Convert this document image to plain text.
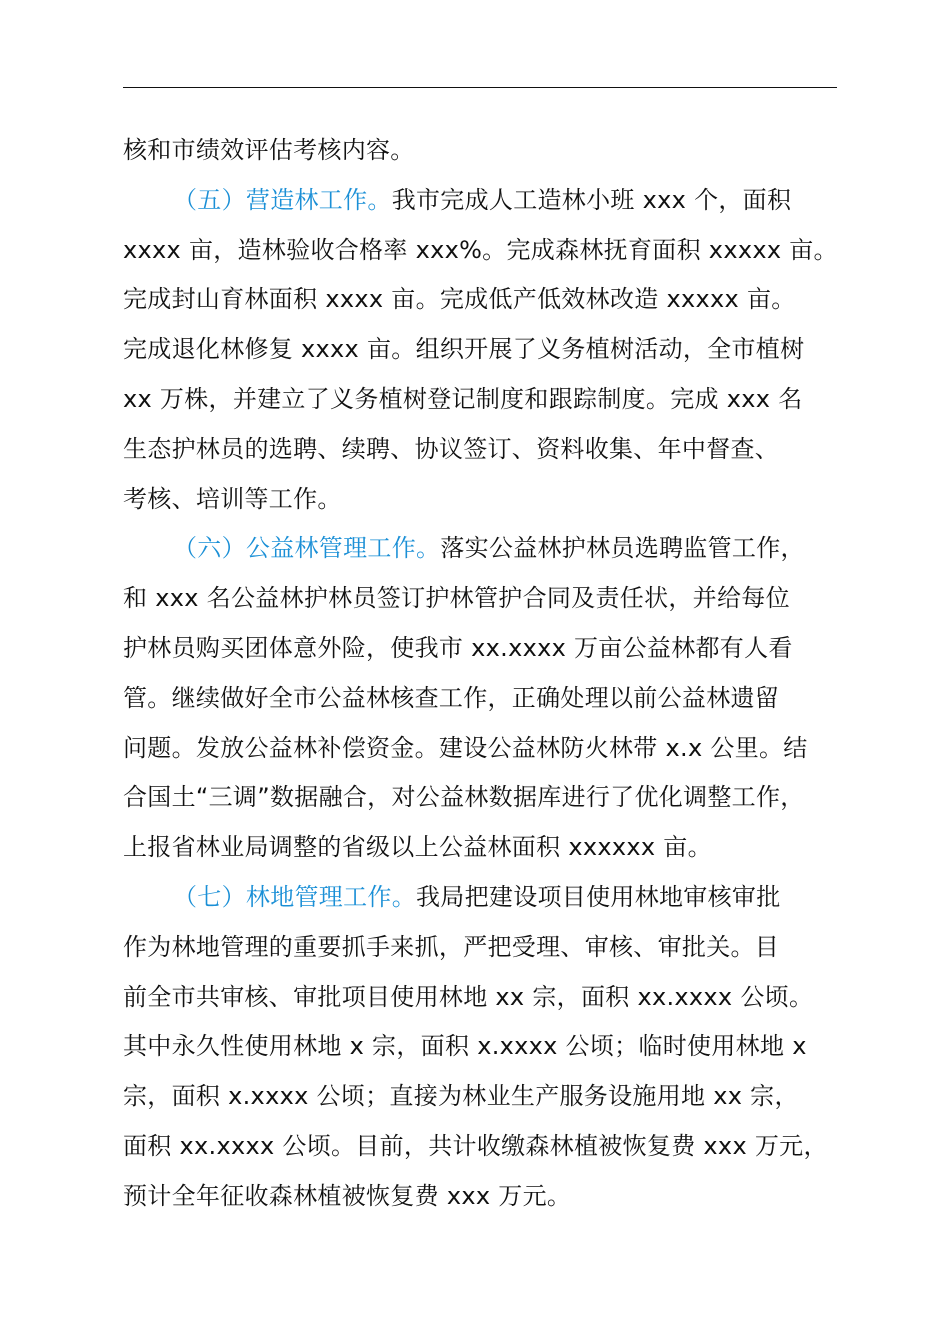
核和市绩效评估考核内容。
（五）营造林工作。我市完成人工造林小班 xxx 个，面积
xxxx 亩，造林验收合格率 xxx%。完成森林抚育面积 xxxxx 亩。
完成封山育林面积 xxxx 亩。完成低产低效林改造 xxxxx 亩。
完成退化林修复 xxxx 亩。组织开展了义务植树活动，全市植树
xx 万株，并建立了义务植树登记制度和跟踪制度。完成 xxx 名
生态护林员的选聘、续聘、协议签订、资料收集、年中督查、
考核、培训等工作。
（六）公益林管理工作。落实公益林护林员选聘监管工作，
和 xxx 名公益林护林员签订护林管护合同及责任状，并给每位
护林员购买团体意外险，使我市 xx.xxxx 万亩公益林都有人看
管。继续做好全市公益林核查工作，正确处理以前公益林遗留
问题。发放公益林补偿资金。建设公益林防火林带 x.x 公里。结
合国土“三调”数据融合，对公益林数据库进行了优化调整工作，
上报省林业局调整的省级以上公益林面积 xxxxxx 亩。
（七）林地管理工作。我局把建设项目使用林地审核审批
作为林地管理的重要抓手来抓，严把受理、审核、审批关。目
前全市共审核、审批项目使用林地 xx 宗，面积 xx.xxxx 公顷。
其中永久性使用林地 x 宗，面积 x.xxxx 公顷；临时使用林地 x
宗，面积 x.xxxx 公顷；直接为林业生产服务设施用地 xx 宗，
面积 xx.xxxx 公顷。目前，共计收缴森林植被恢复费 xxx 万元，
预计全年征收森林植被恢复费 xxx 万元。
